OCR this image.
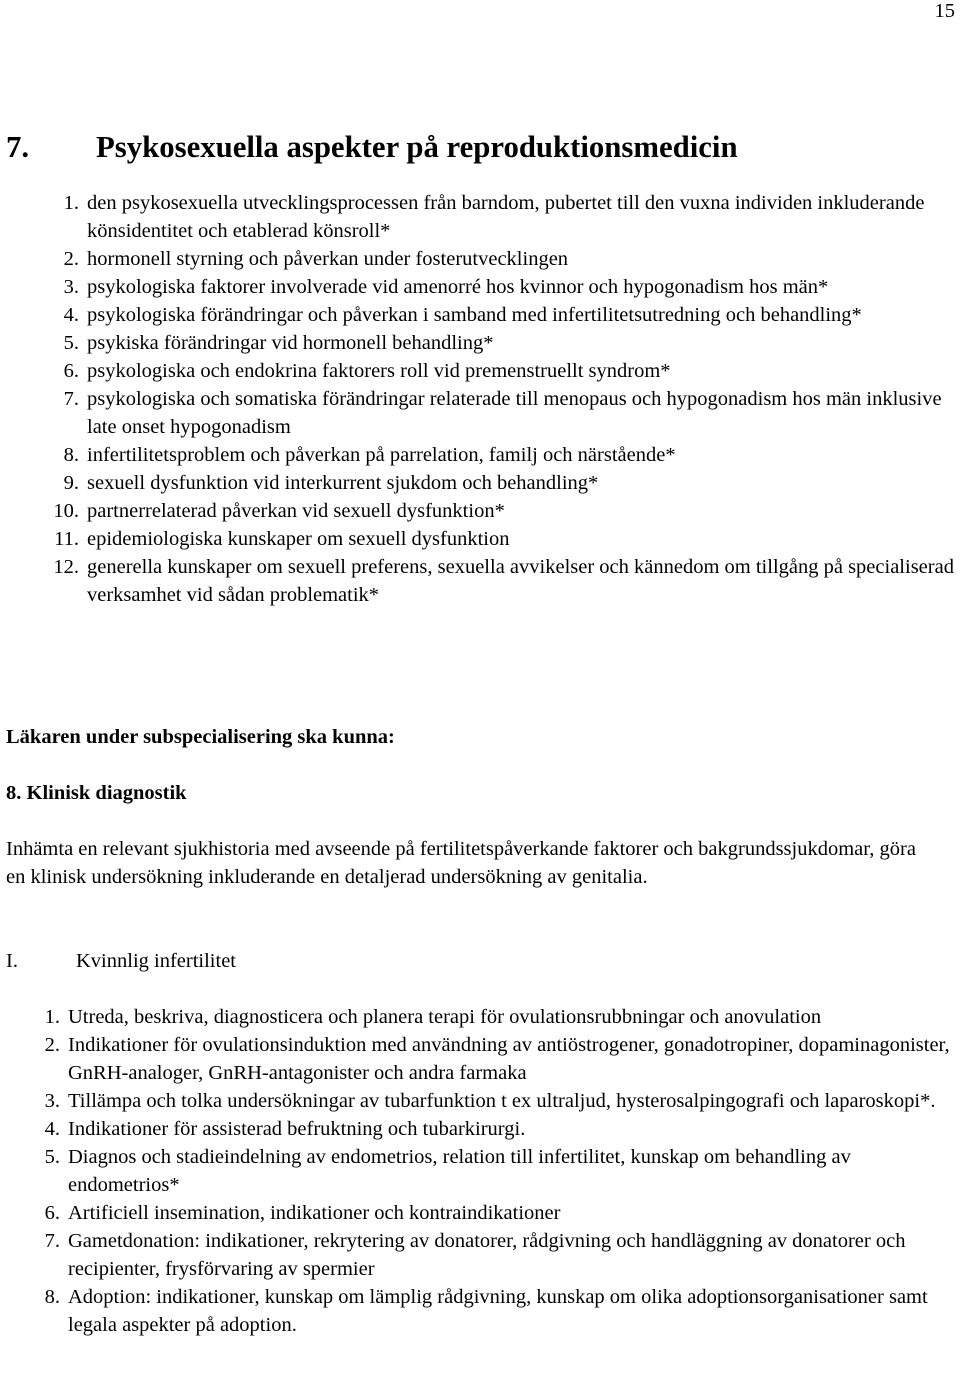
15

7.	Psykosexuella aspekter på reproduktionsmedicin
1. den psykosexuella utvecklingsprocessen från barndom, pubertet till den vuxna individen inkluderande könsidentitet och etablerad könsroll*
2. hormonell styrning och påverkan under fosterutvecklingen
3. psykologiska faktorer involverade vid amenorré hos kvinnor och hypogonadism hos män*
4. psykologiska förändringar och påverkan i samband med infertilitetsutredning och behandling*
5. psykiska förändringar vid hormonell behandling*
6. psykologiska och endokrina faktorers roll vid premenstruellt syndrom*
7. psykologiska och somatiska förändringar relaterade till menopaus och hypogonadism hos män inklusive late onset hypogonadism
8. infertilitetsproblem och påverkan på parrelation, familj och närstående*
9. sexuell dysfunktion vid interkurrent sjukdom och behandling*
10. partnerrelaterad påverkan vid sexuell dysfunktion*
11. epidemiologiska kunskaper om sexuell dysfunktion
12. generella kunskaper om sexuell preferens, sexuella avvikelser och kännedom om tillgång på specialiserad verksamhet vid sådan problematik*

Läkaren under subspecialisering ska kunna:

8. Klinisk diagnostik

Inhämta en relevant sjukhistoria med avseende på fertilitetspåverkande faktorer och bakgrundssjukdomar, göra en klinisk undersökning inkluderande en detaljerad undersökning av genitalia.

I.	Kvinnlig infertilitet

1. Utreda, beskriva, diagnosticera och planera terapi för ovulationsrubbningar och anovulation
2. Indikationer för ovulationsinduktion med användning av antiöstrogener, gonadotropiner, dopaminagonister, GnRH-analoger, GnRH-antagonister och andra farmaka
3. Tillämpa och tolka undersökningar av tubarfunktion t ex ultraljud, hysterosalpingografi och laparoskopi*.
4. Indikationer för assisterad befruktning och tubarkirurgi.
5. Diagnos och stadieindelning av endometrios, relation till infertilitet, kunskap om behandling av endometrios*
6. Artificiell insemination, indikationer och kontraindikationer
7. Gametdonation: indikationer, rekrytering av donatorer, rådgivning och handläggning av donatorer och recipienter, frysförvaring av spermier
8. Adoption: indikationer, kunskap om lämplig rådgivning, kunskap om olika adoptionsorganisationer samt legala aspekter på adoption.
